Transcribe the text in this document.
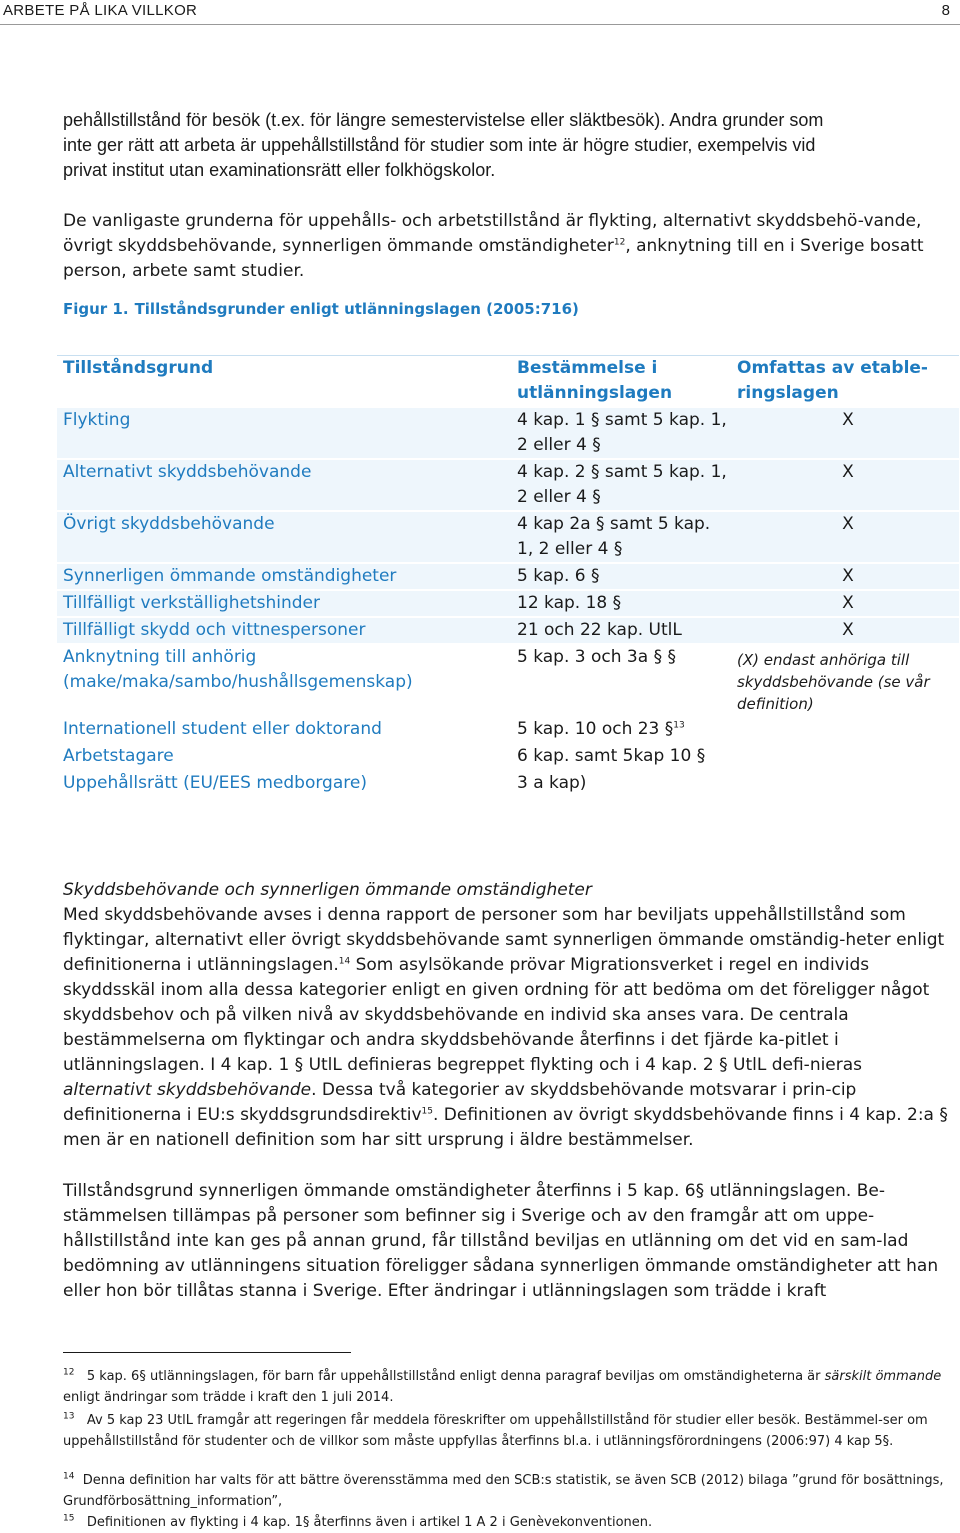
ARBETE PÅ LIKA VILLKOR	8
pehållstillstånd för besök (t.ex. för längre semestervistelse eller släktbesök). Andra grunder som
inte ger rätt att arbeta är uppehållstillstånd för studier som inte är högre studier, exempelvis vid
privat institut utan examinationsrätt eller folkhögskolor.

De vanligaste grunderna för uppehålls- och arbetstillstånd är flykting, alternativt skyddsbehö-vande, övrigt skyddsbehövande, synnerligen ömmande omständigheter$^{12}$, anknytning till en i Sverige bosatt person, arbete samt studier.

Figur 1. Tillståndsgrunder enligt utlänningslagen (2005:716)
Tillståndsgrund	Bestämmelse i utlänningslagen	Omfattas av etable-ringslagen
Flykting	4 kap. 1 § samt 5 kap. 1, 2 eller 4 §	X
Alternativt skyddsbehövande	4 kap. 2 § samt 5 kap. 1, 2 eller 4 §	X
Övrigt skyddsbehövande	4 kap 2a § samt 5 kap. 1, 2 eller 4 §	X
Synnerligen ömmande omständigheter	5 kap. 6 §	X
Tillfälligt verkställighetshinder	12 kap. 18 §	X
Tillfälligt skydd och vittnespersoner	21 och 22 kap. UtlL	X
Anknytning till anhörig (make/maka/sambo/hushållsgemenskap)	5 kap. 3 och 3a § §	(X) endast anhöriga till skyddsbehövande (se vår definition)
Internationell student eller doktorand	5 kap. 10 och 23 §$^{13}$	
Arbetstagare	6 kap. samt 5kap 10 §	
Uppehållsrätt (EU/EES medborgare)	3 a kap)	

Skyddsbehövande och synnerligen ömmande omständigheter
Med skyddsbehövande avses i denna rapport de personer som har beviljats uppehållstillstånd som flyktingar, alternativt eller övrigt skyddsbehövande samt synnerligen ömmande omständig-heter enligt definitionerna i utlänningslagen.$^{14}$ Som asylsökande prövar Migrationsverket i regel en individs skyddsskäl inom alla dessa kategorier enligt en given ordning för att bedöma om det föreligger något skyddsbehov och på vilken nivå av skyddsbehövande en individ ska anses vara. De centrala bestämmelserna om flyktingar och andra skyddsbehövande återfinns i det fjärde ka-pitlet i utlänningslagen. I 4 kap. 1 § UtlL definieras begreppet flykting och i 4 kap. 2 § UtlL defi-nieras alternativt skyddsbehövande. Dessa två kategorier av skyddsbehövande motsvarar i prin-cip definitionerna i EU:s skyddsgrundsdirektiv$^{15}$. Definitionen av övrigt skyddsbehövande finns i 4 kap. 2:a § men är en nationell definition som har sitt ursprung i äldre bestämmelser.

Tillståndsgrund synnerligen ömmande omständigheter återfinns i 5 kap. 6§ utlänningslagen. Be-stämmelsen tillämpas på personer som befinner sig i Sverige och av den framgår att om uppe-hållstillstånd inte kan ges på annan grund, får tillstånd beviljas en utlänning om det vid en sam-lad bedömning av utlänningens situation föreligger sådana synnerligen ömmande omständigheter att han eller hon bör tillåtas stanna i Sverige. Efter ändringar i utlänningslagen som trädde i kraft

$^{12}$ 5 kap. 6§ utlänningslagen, för barn får uppehållstillstånd enligt denna paragraf beviljas om omständigheterna är särskilt ömmande enligt ändringar som trädde i kraft den 1 juli 2014.

$^{13}$ Av 5 kap 23 UtlL framgår att regeringen får meddela föreskrifter om uppehållstillstånd för studier eller besök. Bestämmel-ser om uppehållstillstånd för studenter och de villkor som måste uppfyllas återfinns bl.a. i utlänningsförordningens (2006:97) 4 kap 5§.

$^{14}$ Denna definition har valts för att bättre överensstämma med den SCB:s statistik, se även SCB (2012) bilaga ”grund för bosättnings, Grundförbosättning_information”,

$^{15}$ Definitionen av flykting i 4 kap. 1§ återfinns även i artikel 1 A 2 i Genèvekonventionen.
